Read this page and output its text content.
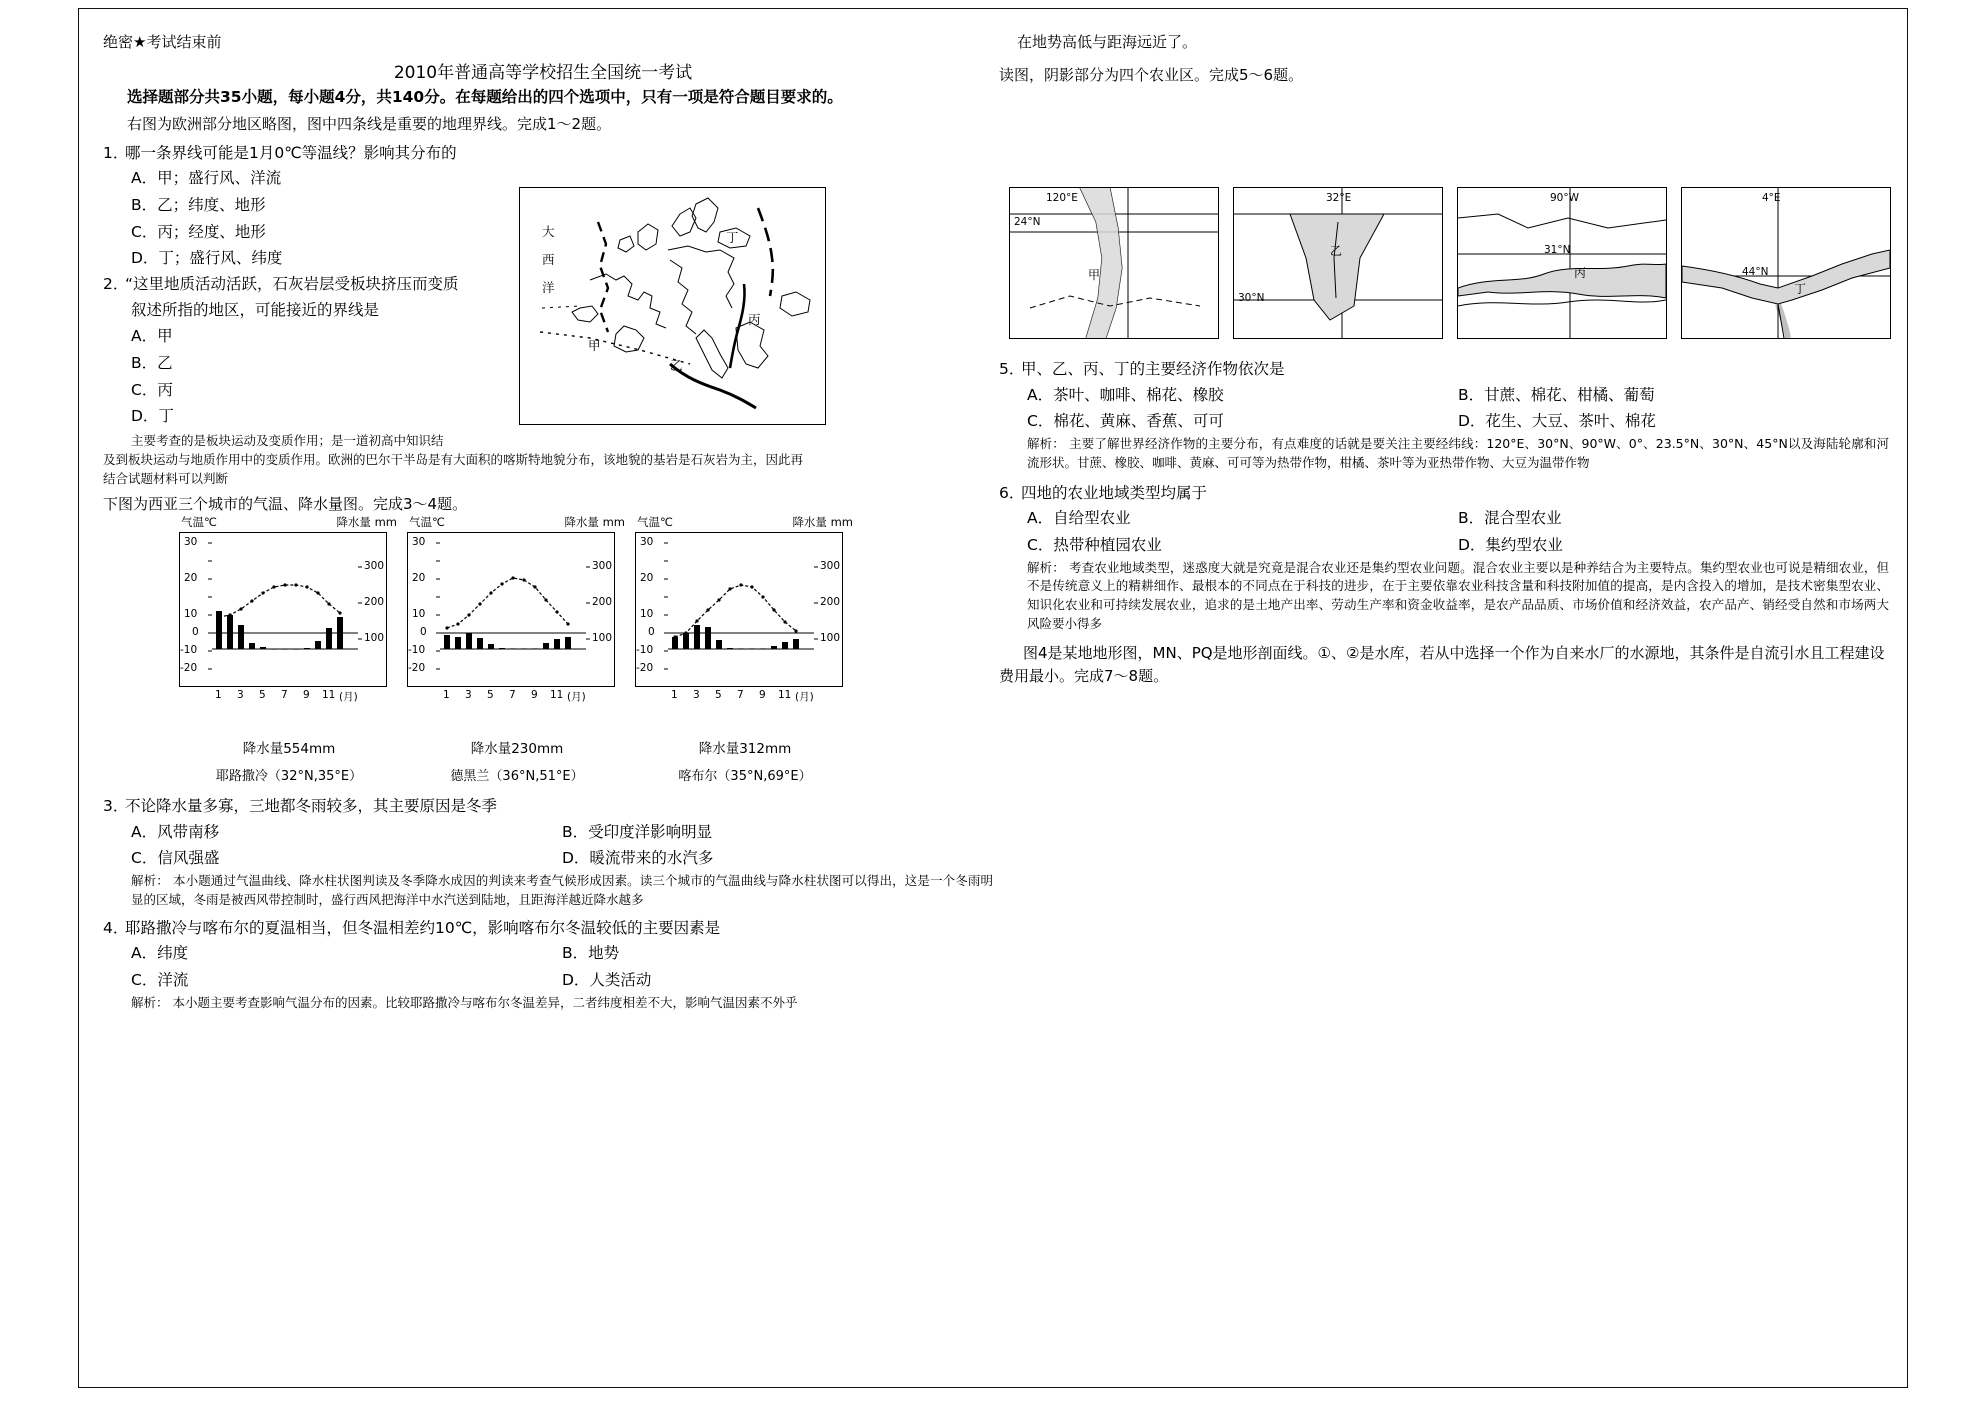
绝密★考试结束前
2010年普通高等学校招生全国统一考试
选择题部分共35小题，每小题4分，共140分。在每题给出的四个选项中，只有一项是符合题目要求的。
右图为欧洲部分地区略图，图中四条线是重要的地理界线。完成1～2题。
1．
哪一条界线可能是1月0℃等温线？影响其分布的
A．甲；盛行风、洋流
B．乙；纬度、地形
C．丙；经度、地形
D．丁；盛行风、纬度
2．
“这里地质活动活跃，石灰岩层受板块挤压而变质
叙述所指的地区，可能接近的界线是
A．甲
B．乙
C．丙
D．丁
主要考查的是板块运动及变质作用；是一道初高中知识结
及到板块运动与地质作用中的变质作用。欧洲的巴尔干半岛是有大面积的喀斯特地貌分布，该地貌的基岩是石灰岩为主，因此再
结合试题材料可以判断
下图为西亚三个城市的气温、降水量图。完成3～4题。
大
西
洋
丁
丙
甲
乙
气温℃	降水量 mm
30
20
10
0
-10
-20
300
200
100
1 3 5 7 9 11 (月)
降水量554mm
耶路撒冷（32°N,35°E）
气温℃	降水量 mm
30
20
10
0
-10
-20
300
200
100
1 3 5 7 9 11 (月)
降水量230mm
德黑兰（36°N,51°E）
气温℃	降水量 mm
30
20
10
0
-10
-20
300
200
100
1 3 5 7 9 11 (月)
降水量312mm
喀布尔（35°N,69°E）
3．
不论降水量多寡，三地都冬雨较多，其主要原因是冬季
A．风带南移	B．受印度洋影响明显
C．信风强盛	D．暖流带来的水汽多
解析： 本小题通过气温曲线、降水柱状图判读及冬季降水成因的判读来考查气候形成因素。读三个城市的气温曲线与降水柱状图可以得出，这是一个冬雨明显的区域，冬雨是被西风带控制时，盛行西风把海洋中水汽送到陆地，且距海洋越近降水越多
4．
耶路撒冷与喀布尔的夏温相当，但冬温相差约10℃，影响喀布尔冬温较低的主要因素是
A．纬度	B．地势
C．洋流	D．人类活动
解析： 本小题主要考查影响气温分布的因素。比较耶路撒冷与喀布尔冬温差异，二者纬度相差不大，影响气温因素不外乎
在地势高低与距海远近了。
读图，阴影部分为四个农业区。完成5～6题。
120°E
24°N
甲
32°E
30°N
乙
90°W
31°N
丙
4°E
44°N
丁
5．
甲、乙、丙、丁的主要经济作物依次是
A．茶叶、咖啡、棉花、橡胶	B．甘蔗、棉花、柑橘、葡萄
C．棉花、黄麻、香蕉、可可	D．花生、大豆、茶叶、棉花
解析： 主要了解世界经济作物的主要分布，有点难度的话就是要关注主要经纬线：120°E、30°N、90°W、0°、23.5°N、30°N、45°N以及海陆轮廓和河流形状。甘蔗、橡胶、咖啡、黄麻、可可等为热带作物，柑橘、茶叶等为亚热带作物、大豆为温带作物
6．
四地的农业地域类型均属于
A．自给型农业	B．混合型农业
C．热带种植园农业	D．集约型农业
解析： 考查农业地域类型，迷惑度大就是究竟是混合农业还是集约型农业问题。混合农业主要以是种养结合为主要特点。集约型农业也可说是精细农业，但不是传统意义上的精耕细作、最根本的不同点在于科技的进步，在于主要依靠农业科技含量和科技附加值的提高，是内含投入的增加，是技术密集型农业、知识化农业和可持续发展农业，追求的是土地产出率、劳动生产率和资金收益率，是农产品品质、市场价值和经济效益，农产品产、销经受自然和市场两大风险要小得多
图4是某地地形图，MN、PQ是地形剖面线。①、②是水库，若从中选择一个作为自来水厂的水源地，其条件是自流引水且工程建设费用最小。完成7～8题。
